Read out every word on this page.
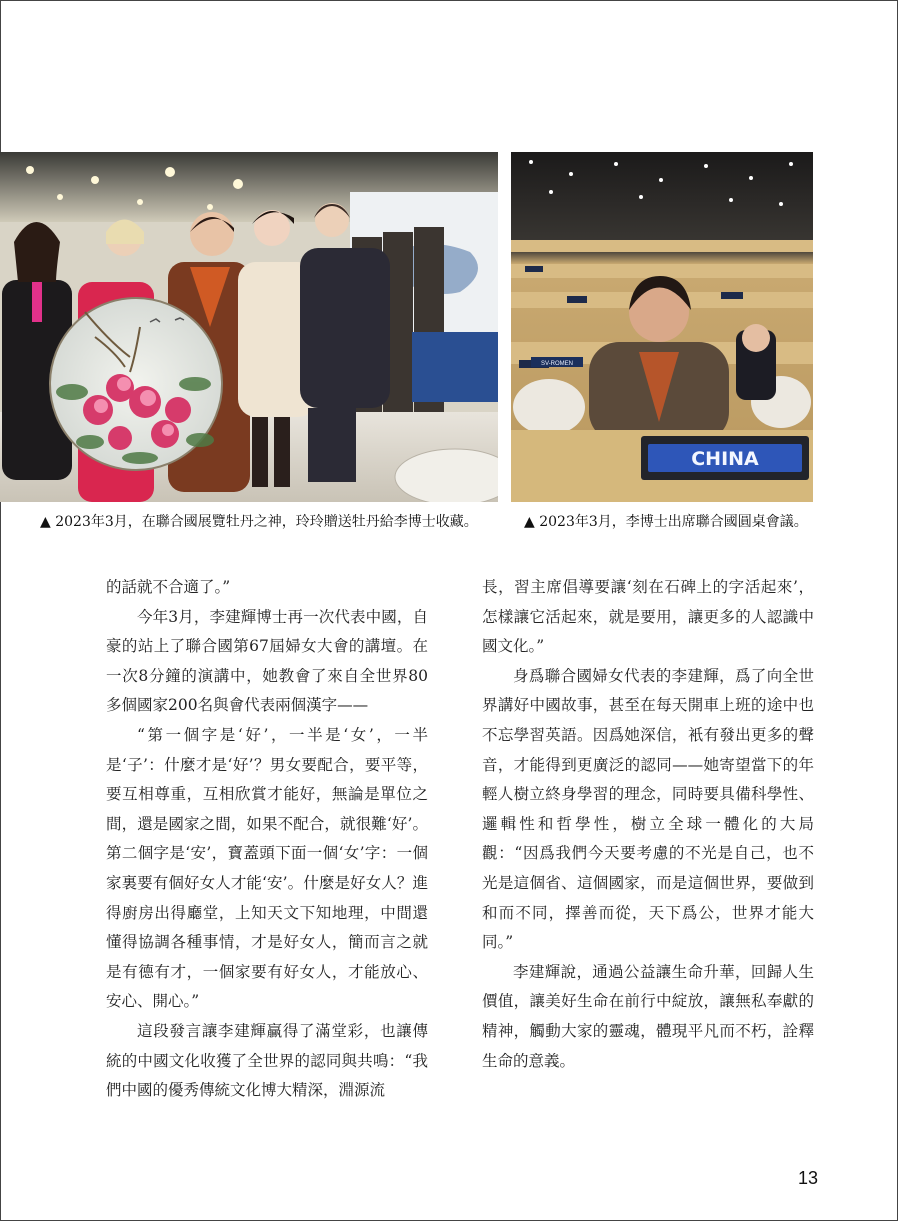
SV-ROMEN
CHINA
▲ 2023年3月，在聯合國展覽牡丹之神，玲玲贈送牡丹給李博士收藏。	▲ 2023年3月，李博士出席聯合國圓桌會議。

的話就不合適了。”

今年3月，李建輝博士再一次代表中國，自豪的站上了聯合國第67屆婦女大會的講壇。在一次8分鐘的演講中，她教會了來自全世界80多個國家200名與會代表兩個漢字——

“第一個字是‘好’，一半是‘女’，一半是‘子’：什麼才是‘好’？男女要配合，要平等，要互相尊重，互相欣賞才能好，無論是單位之間，還是國家之間，如果不配合，就很難‘好’。第二個字是‘安’，寶蓋頭下面一個‘女’字：一個家裏要有個好女人才能‘安’。什麼是好女人？進得廚房出得廳堂，上知天文下知地理，中間還懂得協調各種事情，才是好女人，簡而言之就是有德有才，一個家要有好女人，才能放心、安心、開心。”

這段發言讓李建輝贏得了滿堂彩，也讓傳統的中國文化收獲了全世界的認同與共鳴：“我們中國的優秀傳統文化博大精深，淵源流

長，習主席倡導要讓‘刻在石碑上的字活起來’，怎樣讓它活起來，就是要用，讓更多的人認識中國文化。”

身爲聯合國婦女代表的李建輝，爲了向全世界講好中國故事，甚至在每天開車上班的途中也不忘學習英語。因爲她深信，衹有發出更多的聲音，才能得到更廣泛的認同——她寄望當下的年輕人樹立終身學習的理念，同時要具備科學性、邏輯性和哲學性，樹立全球一體化的大局觀：“因爲我們今天要考慮的不光是自己，也不光是這個省、這個國家，而是這個世界，要做到和而不同，擇善而從，天下爲公，世界才能大同。”

李建輝說，通過公益讓生命升華，回歸人生價值，讓美好生命在前行中綻放，讓無私奉獻的精神，觸動大家的靈魂，體現平凡而不朽，詮釋生命的意義。

13
